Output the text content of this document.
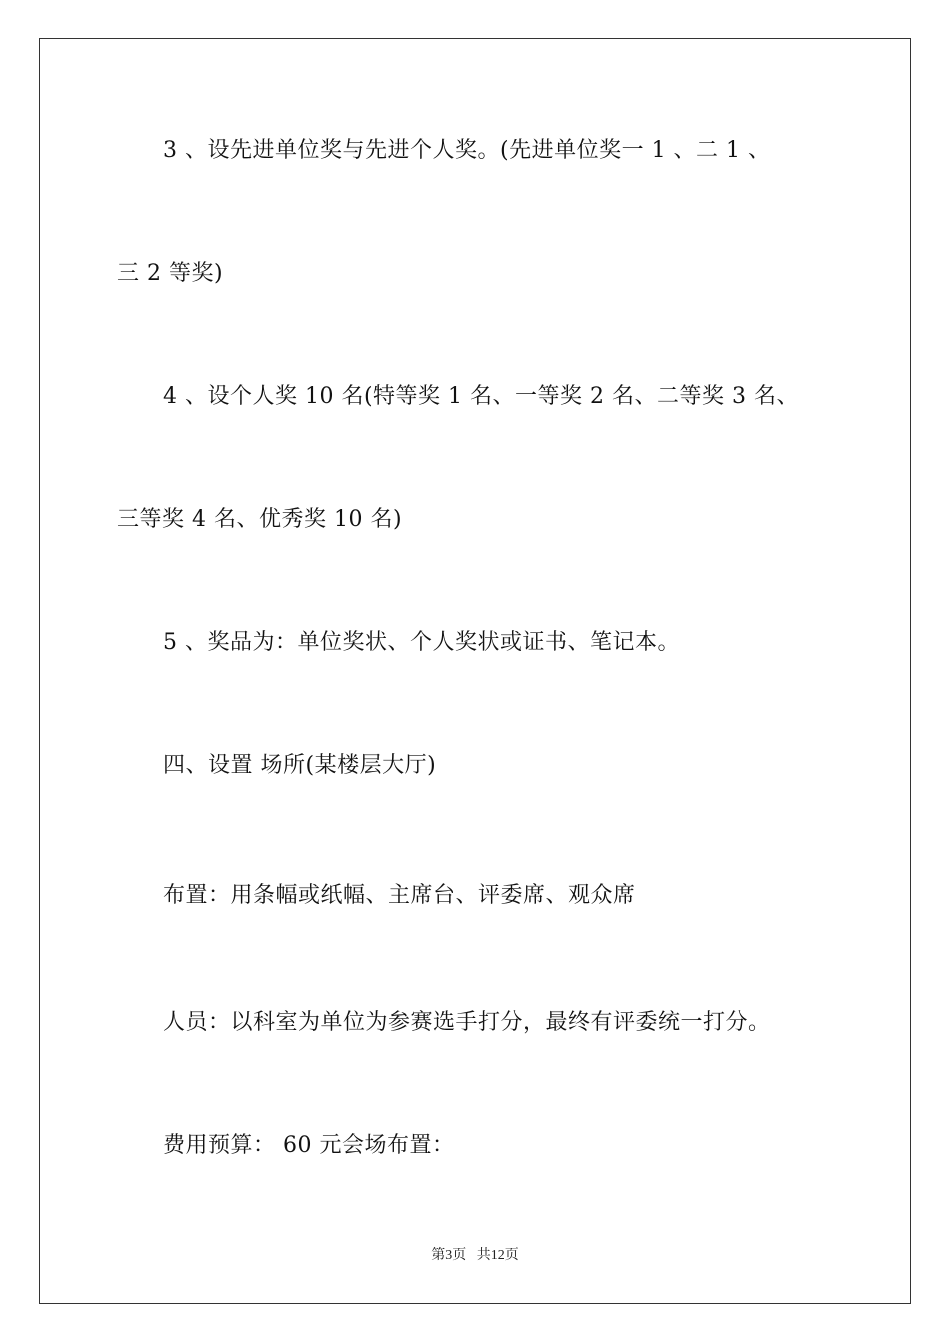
3 、设先进单位奖与先进个人奖。(先进单位奖一 1 、二 1 、
三 2 等奖)
4 、设个人奖 10 名(特等奖 1 名、一等奖 2 名、二等奖 3 名、
三等奖 4 名、优秀奖 10 名)
5 、奖品为：单位奖状、个人奖状或证书、笔记本。
四、设置 场所(某楼层大厅)
布置：用条幅或纸幅、主席台、评委席、观众席
人员：以科室为单位为参赛选手打分，最终有评委统一打分。
费用预算： 60 元会场布置：
第3页 共12页
